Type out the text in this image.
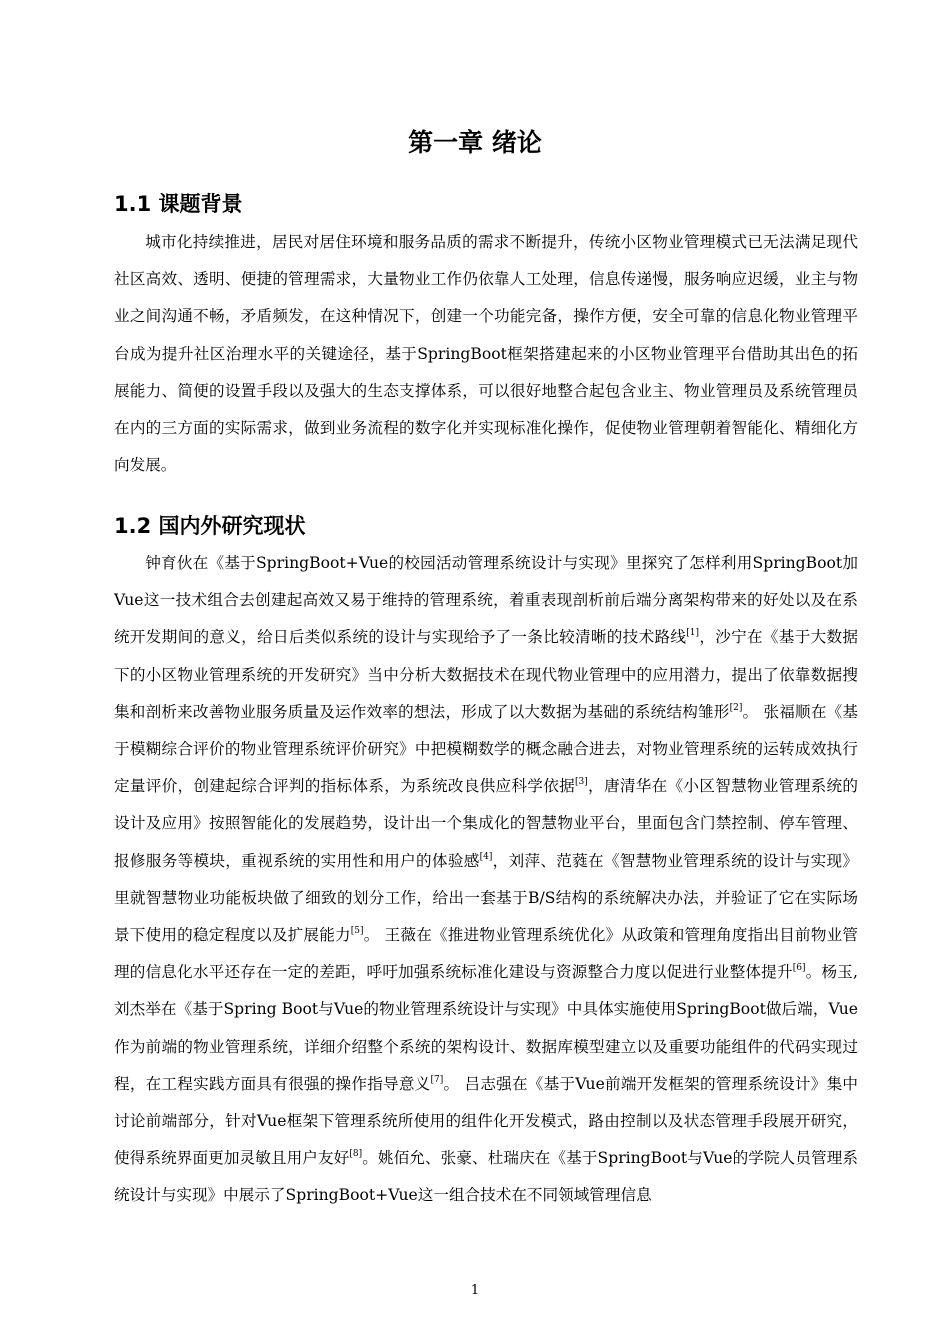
第一章 绪论
1.1 课题背景

城市化持续推进，居民对居住环境和服务品质的需求不断提升，传统小区物业管理模式已无法满足现代社区高效、透明、便捷的管理需求，大量物业工作仍依靠人工处理，信息传递慢，服务响应迟缓，业主与物业之间沟通不畅，矛盾频发，在这种情况下，创建一个功能完备，操作方便，安全可靠的信息化物业管理平台成为提升社区治理水平的关键途径，基于SpringBoot框架搭建起来的小区物业管理平台借助其出色的拓展能力、简便的设置手段以及强大的生态支撑体系，可以很好地整合起包含业主、物业管理员及系统管理员在内的三方面的实际需求，做到业务流程的数字化并实现标准化操作，促使物业管理朝着智能化、精细化方向发展。

1.2 国内外研究现状

钟育伙在《基于SpringBoot+Vue的校园活动管理系统设计与实现》里探究了怎样利用SpringBoot加Vue这一技术组合去创建起高效又易于维持的管理系统，着重表现剖析前后端分离架构带来的好处以及在系统开发期间的意义，给日后类似系统的设计与实现给予了一条比较清晰的技术路线[1]，沙宁在《基于大数据下的小区物业管理系统的开发研究》当中分析大数据技术在现代物业管理中的应用潜力，提出了依靠数据搜集和剖析来改善物业服务质量及运作效率的想法，形成了以大数据为基础的系统结构雏形[2]。 张福顺在《基于模糊综合评价的物业管理系统评价研究》中把模糊数学的概念融合进去，对物业管理系统的运转成效执行定量评价，创建起综合评判的指标体系，为系统改良供应科学依据[3]，唐清华在《小区智慧物业管理系统的设计及应用》按照智能化的发展趋势，设计出一个集成化的智慧物业平台，里面包含门禁控制、停车管理、报修服务等模块，重视系统的实用性和用户的体验感[4]，刘萍、范蕤在《智慧物业管理系统的设计与实现》里就智慧物业功能板块做了细致的划分工作，给出一套基于B/S结构的系统解决办法，并验证了它在实际场景下使用的稳定程度以及扩展能力[5]。 王薇在《推进物业管理系统优化》从政策和管理角度指出目前物业管理的信息化水平还存在一定的差距，呼吁加强系统标准化建设与资源整合力度以促进行业整体提升[6]。杨玉,刘杰举在《基于Spring Boot与Vue的物业管理系统设计与实现》中具体实施使用SpringBoot做后端，Vue作为前端的物业管理系统，详细介绍整个系统的架构设计、数据库模型建立以及重要功能组件的代码实现过程，在工程实践方面具有很强的操作指导意义[7]。 吕志强在《基于Vue前端开发框架的管理系统设计》集中讨论前端部分，针对Vue框架下管理系统所使用的组件化开发模式，路由控制以及状态管理手段展开研究，使得系统界面更加灵敏且用户友好[8]。姚佰允、张豪、杜瑞庆在《基于SpringBoot与Vue的学院人员管理系统设计与实现》中展示了SpringBoot+Vue这一组合技术在不同领域管理信息

1
